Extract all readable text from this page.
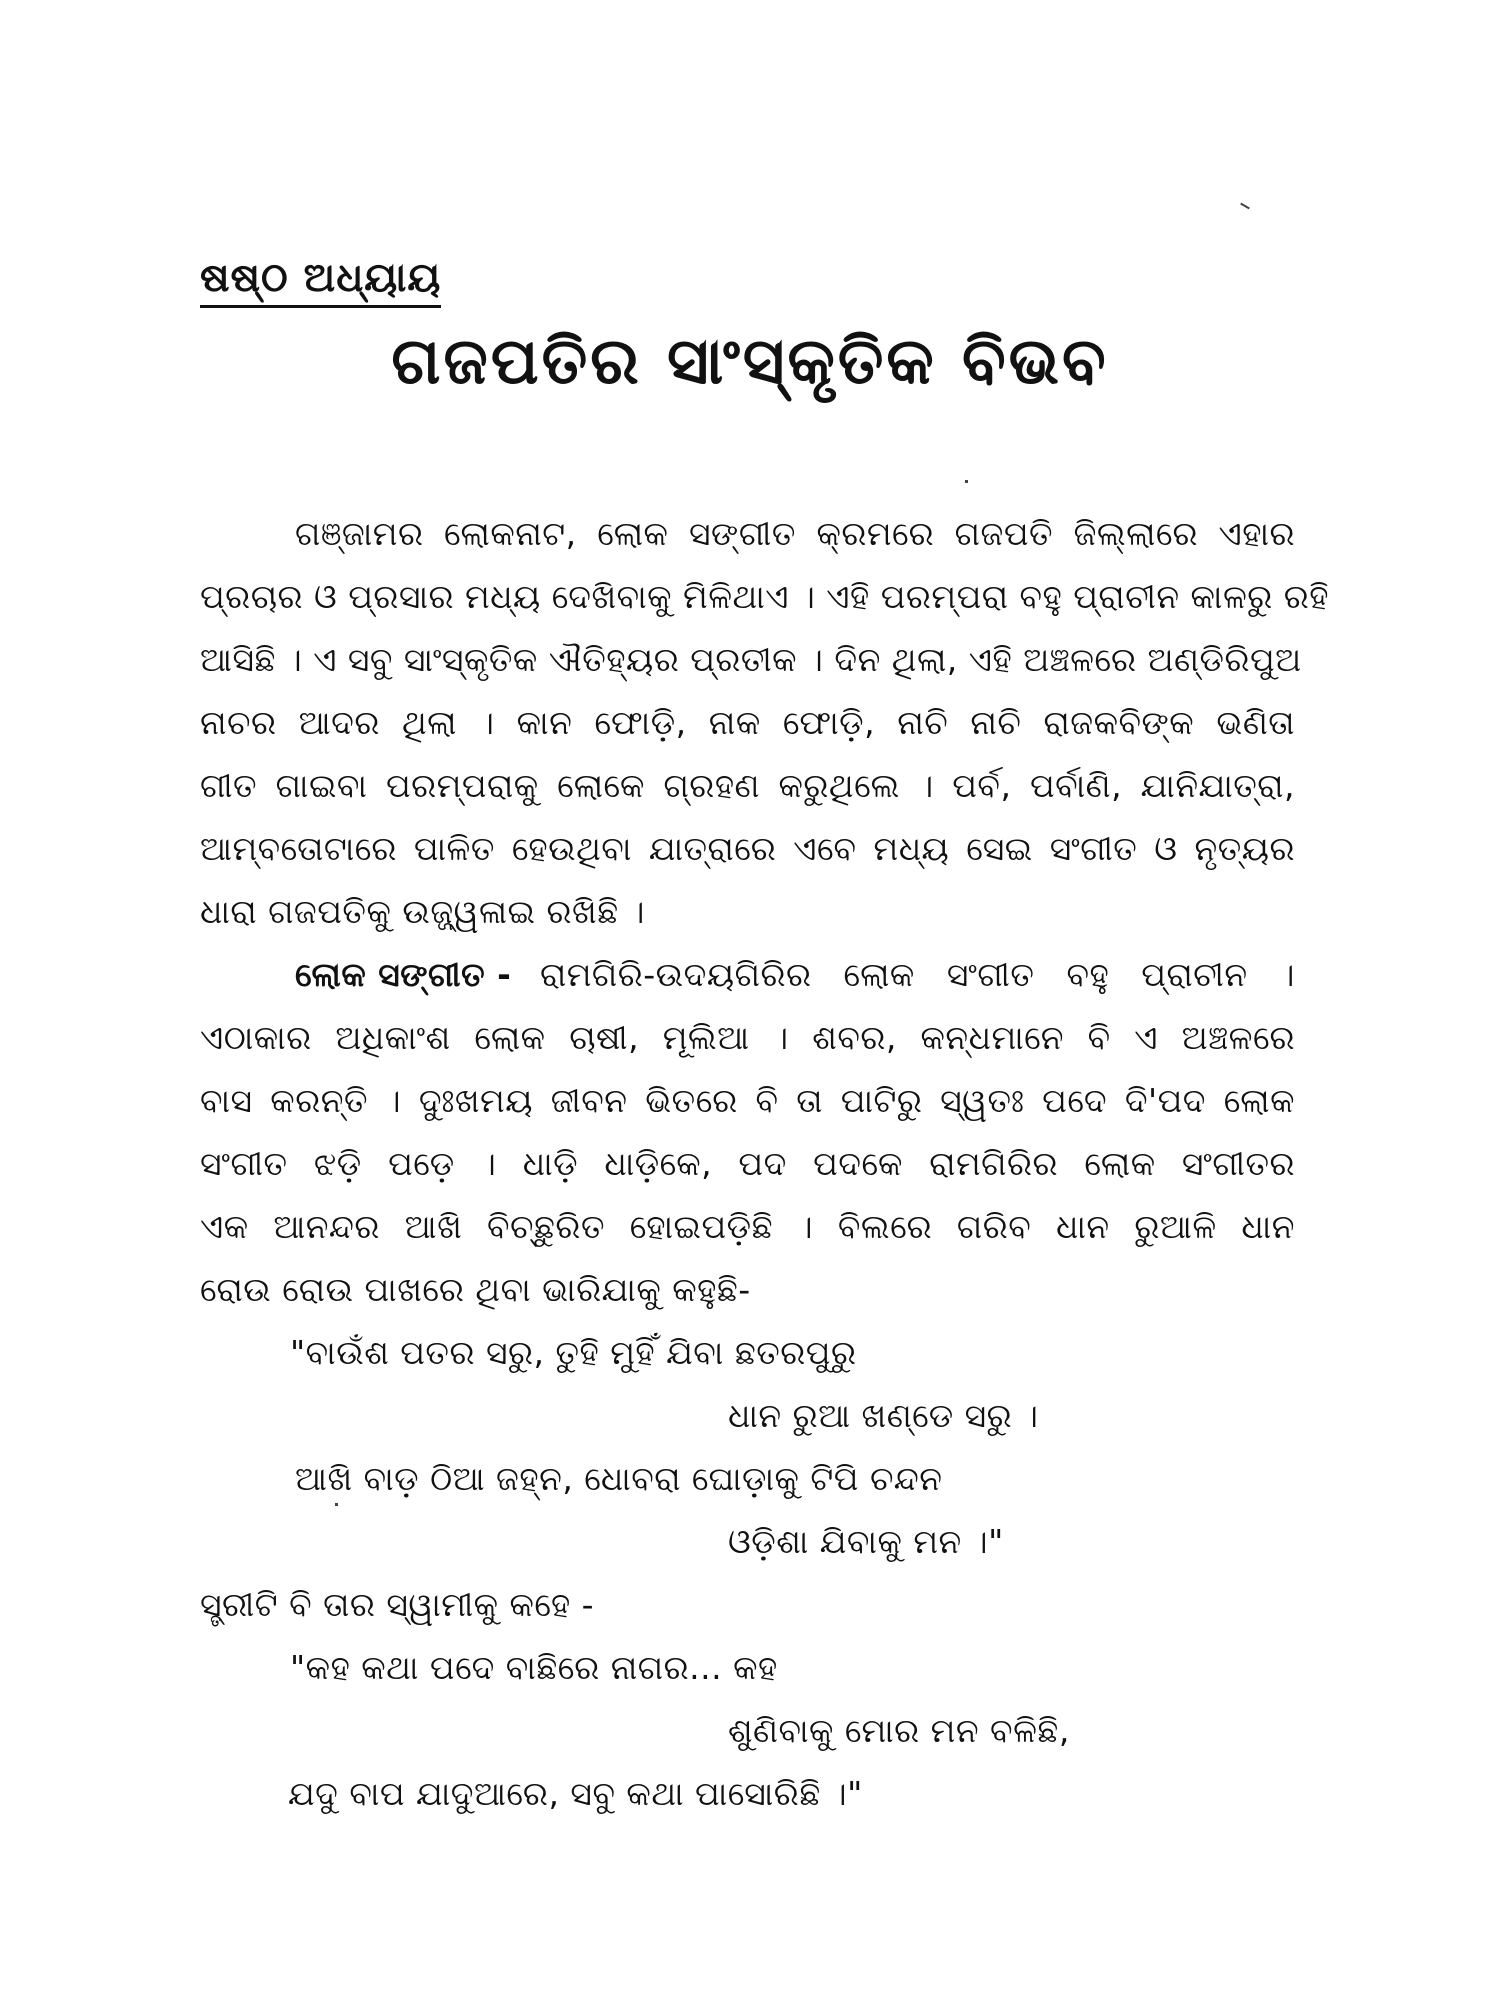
ଷଷ୍ଠ ଅଧ୍ୟାୟ
ଗଜପତିର ସାଂସ୍କୃତିକ ବିଭବ
ଗଞ୍ଜାମର ଲୋକନାଟ, ଲୋକ ସଙ୍ଗୀତ କ୍ରମରେ ଗଜପତି ଜିଲ୍ଲାରେ ଏହାର
ପ୍ରଚାର ଓ ପ୍ରସାର ମଧ୍ୟ ଦେଖିବାକୁ ମିଳିଥାଏ । ଏହି ପରମ୍ପରା ବହୁ ପ୍ରାଚୀନ କାଳରୁ ରହି
ଆସିଛି । ଏ ସବୁ ସାଂସ୍କୃତିକ ଐତିହ୍ୟର ପ୍ରତୀକ । ଦିନ ଥିଲା, ଏହି ଅଞ୍ଚଳରେ ଅଣ୍ଡିରିପୁଅ
ନାଚର ଆଦର ଥିଲା । କାନ ଫୋଡ଼ି, ନାକ ଫୋଡ଼ି, ନାଚି ନାଚି ରାଜକବିଙ୍କ ଭଣିତା
ଗୀତ ଗାଇବା ପରମ୍ପରାକୁ ଲୋକେ ଗ୍ରହଣ କରୁଥିଲେ । ପର୍ବ, ପର୍ବାଣି, ଯାନିଯାତ୍ରା,
ଆମ୍ବତୋଟାରେ ପାଳିତ ହେଉଥିବା ଯାତ୍ରାରେ ଏବେ ମଧ୍ୟ ସେଇ ସଂଗୀତ ଓ ନୃତ୍ୟର
ଧାରା ଗଜପତିକୁ ଉଜ୍ଜ୍ୱଳାଇ ରଖିଛି ।
ଲୋକ ସଙ୍ଗୀତ - ରାମଗିରି-ଉଦୟଗିରିର ଲୋକ ସଂଗୀତ ବହୁ ପ୍ରାଚୀନ ।
ଏଠାକାର ଅଧିକାଂଶ ଲୋକ ଚାଷୀ, ମୂଲିଆ । ଶବର, କନ୍ଧମାନେ ବି ଏ ଅଞ୍ଚଳରେ
ବାସ କରନ୍ତି । ଦୁଃଖମୟ ଜୀବନ ଭିତରେ ବି ତା ପାଟିରୁ ସ୍ୱତଃ ପଦେ ଦି'ପଦ ଲୋକ
ସଂଗୀତ ଝଡ଼ି ପଡ଼େ । ଧାଡ଼ି ଧାଡ଼ିକେ, ପଦ ପଦକେ ରାମଗିରିର ଲୋକ ସଂଗୀତର
ଏକ ଆନନ୍ଦର ଆଖି ବିଚ୍ଛୁରିତ ହୋଇପଡ଼ିଛି । ବିଲରେ ଗରିବ ଧାନ ରୁଆଳି ଧାନ
ରୋଉ ରୋଉ ପାଖରେ ଥିବା ଭାରିଯାକୁ କହୁଛି-
"ବାଉଁଶ ପତର ସରୁ, ତୁହି ମୁହିଁ ଯିବା ଛତରପୁରୁ
ଧାନ ରୁଆ ଖଣ୍ଡେ ସରୁ ।
ଆଖି ବାଡ଼ ଠିଆ ଜହ୍ନ, ଧୋବରା ଘୋଡ଼ାକୁ ଟିପି ଚନ୍ଦନ
ଓଡ଼ିଶା ଯିବାକୁ ମନ ।"
ସ୍ତ୍ରୀଟି ବି ତାର ସ୍ୱାମୀକୁ କହେ -
"କହ କଥା ପଦେ ବାଛିରେ ନାଗର... କହ
ଶୁଣିବାକୁ ମୋର ମନ ବଳିଛି,
ଯଦୁ ବାପ ଯାଦୁଆରେ, ସବୁ କଥା ପାସୋରିଛି ।"
